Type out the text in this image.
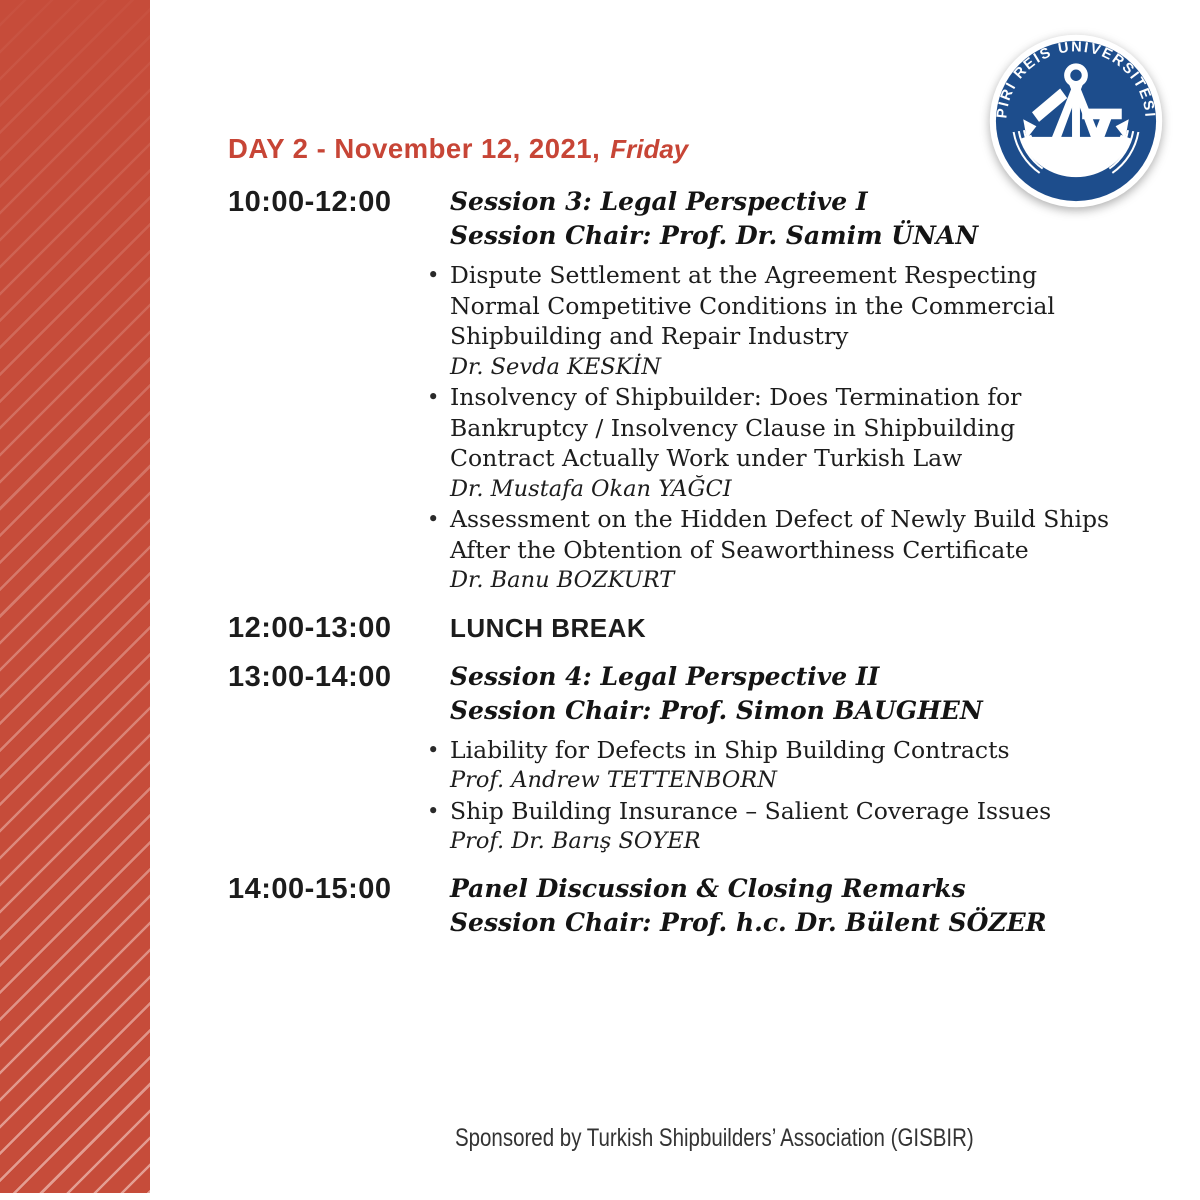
PÎRÎ REİS ÜNİVERSİTESİ
2008
DAY 2 - November 12, 2021, Friday
10:00-12:00	Session 3: Legal Perspective I
Session Chair: Prof. Dr. Samim ÜNAN
• Dispute Settlement at the Agreement Respecting
Normal Competitive Conditions in the Commercial
Shipbuilding and Repair Industry
Dr. Sevda KESKİN
• Insolvency of Shipbuilder: Does Termination for
Bankruptcy / Insolvency Clause in Shipbuilding
Contract Actually Work under Turkish Law
Dr. Mustafa Okan YAĞCI
• Assessment on the Hidden Defect of Newly Build Ships
After the Obtention of Seaworthiness Certificate
Dr. Banu BOZKURT
12:00-13:00	LUNCH BREAK
13:00-14:00	Session 4: Legal Perspective II
Session Chair: Prof. Simon BAUGHEN
• Liability for Defects in Ship Building Contracts
Prof. Andrew TETTENBORN
• Ship Building Insurance – Salient Coverage Issues
Prof. Dr. Barış SOYER
14:00-15:00	Panel Discussion & Closing Remarks
Session Chair: Prof. h.c. Dr. Bülent SÖZER
Sponsored by Turkish Shipbuilders’ Association (GISBIR)
